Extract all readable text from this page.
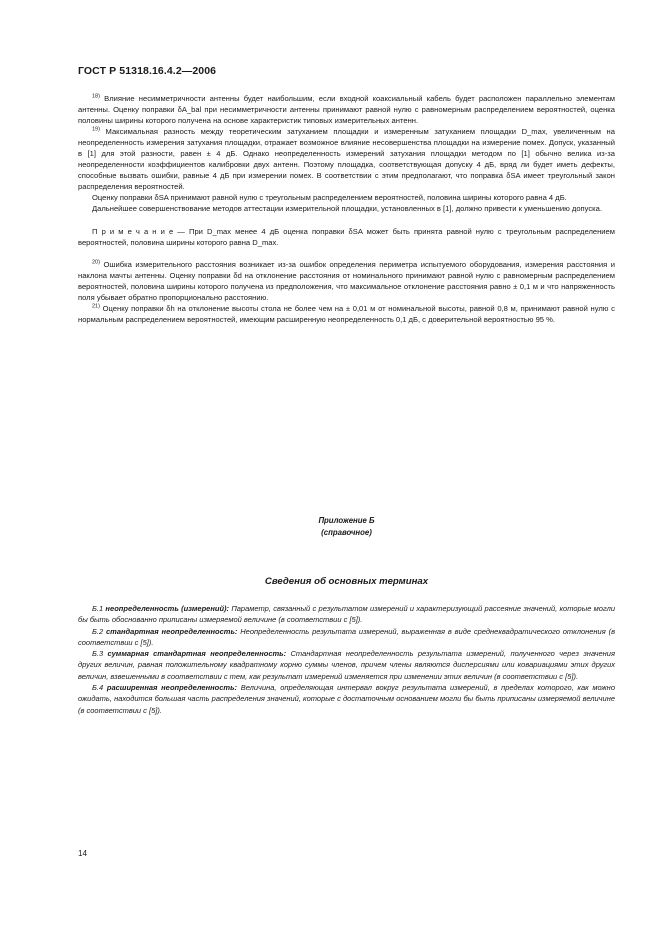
ГОСТ Р 51318.16.4.2—2006

$^{18)}$ Влияние несимметричности антенны будет наибольшим, если входной коаксиальный кабель будет расположен параллельно элементам антенны. Оценку поправки δA_bal при несимметричности антенны принимают равной нулю с равномерным распределением вероятностей, оценка половины ширины которого получена на основе характеристик типовых измерительных антенн.

$^{19)}$ Максимальная разность между теоретическим затуханием площадки и измеренным затуханием площадки D_max, увеличенным на неопределенность измерения затухания площадки, отражает возможное влияние несовершенства площадки на измерение помех. Допуск, указанный в [1] для этой разности, равен ± 4 дБ. Однако неопределенность измерений затухания площадки методом по [1] обычно велика из-за неопределенности коэффициентов калибровки двух антенн. Поэтому площадка, соответствующая допуску 4 дБ, вряд ли будет иметь дефекты, способные вызвать ошибки, равные 4 дБ при измерении помех. В соответствии с этим предполагают, что поправка δSA имеет треугольный закон распределения вероятностей.

Оценку поправки δSA принимают равной нулю с треугольным распределением вероятностей, половина ширины которого равна 4 дБ.

Дальнейшее совершенствование методов аттестации измерительной площадки, установленных в [1], должно привести к уменьшению допуска.

П р и м е ч а н и е — При D_max менее 4 дБ оценка поправки δSA может быть принята равной нулю с треугольным распределением вероятностей, половина ширины которого равна D_max.

$^{20)}$ Ошибка измерительного расстояния возникает из-за ошибок определения периметра испытуемого оборудования, измерения расстояния и наклона мачты антенны. Оценку поправки δd на отклонение расстояния от номинального принимают равной нулю с равномерным распределением вероятностей, половина ширины которого получена из предположения, что максимальное отклонение расстояния равно ± 0,1 м и что напряженность поля убывает обратно пропорционально расстоянию.

$^{21)}$ Оценку поправки δh на отклонение высоты стола не более чем на ± 0,01 м от номинальной высоты, равной 0,8 м, принимают равной нулю с нормальным распределением вероятностей, имеющим расширенную неопределенность 0,1 дБ, с доверительной вероятностью 95 %.

Приложение Б
(справочное)
Сведения об основных терминах

Б.1 неопределенность (измерений): Параметр, связанный с результатом измерений и характеризующий рассеяние значений, которые могли бы быть обоснованно приписаны измеряемой величине (в соответствии с [5]).

Б.2 стандартная неопределенность: Неопределенность результата измерений, выраженная в виде среднеквадратического отклонения (в соответствии с [5]).

Б.3 суммарная стандартная неопределенность: Стандартная неопределенность результата измерений, полученного через значения других величин, равная положительному квадратному корню суммы членов, причем члены являются дисперсиями или ковариациями этих других величин, взвешенными в соответствии с тем, как результат измерений изменяется при изменении этих величин (в соответствии с [5]).

Б.4 расширенная неопределенность: Величина, определяющая интервал вокруг результата измерений, в пределах которого, как можно ожидать, находится большая часть распределения значений, которые с достаточным основанием могли бы быть приписаны измеряемой величине (в соответствии с [5]).

14
